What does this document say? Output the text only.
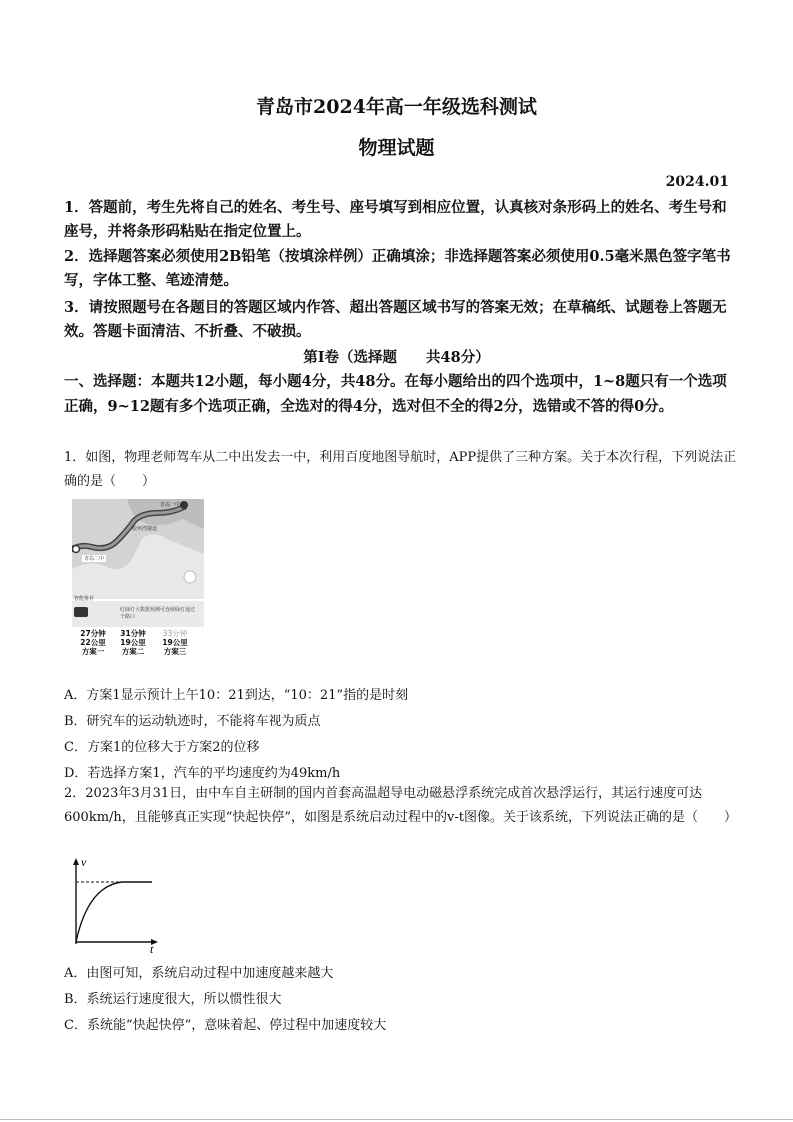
青岛市2024年高一年级选科测试
物理试题
2024.01
1．答题前，考生先将自己的姓名、考生号、座号填写到相应位置，认真核对条形码上的姓名、考生号和座号，并将条形码粘贴在指定位置上。
2．选择题答案必须使用2B铅笔（按填涂样例）正确填涂；非选择题答案必须使用0.5毫米黑色签字笔书写，字体工整、笔迹清楚。
3．请按照题号在各题目的答题区域内作答、超出答题区域书写的答案无效；在草稿纸、试题卷上答题无效。答题卡面清洁、不折叠、不破损。
第I卷（选择题　　共48分）
一、选择题：本题共12小题，每小题4分，共48分。在每小题给出的四个选项中，1~8题只有一个选项正确，9~12题有多个选项正确，全选对的得4分，选对但不全的得2分，选错或不答的得0分。
1．如图，物理老师驾车从二中出发去一中，利用百度地图导航时，APP提供了三种方案。关于本次行程，下列说法正确的是（　　）
青岛一中
胶州湾隧道
青岛二中
智能推荐
红绿灯大数据预测可连续绿灯通过
个路口
27分钟
22公里
方案一
31分钟
19公里
方案二
33分钟
19公里
方案三
A．方案1显示预计上午10：21到达，“10：21”指的是时刻
B．研究车的运动轨迹时，不能将车视为质点
C．方案1的位移大于方案2的位移
D．若选择方案1，汽车的平均速度约为49km/h
2．2023年3月31日，由中车自主研制的国内首套高温超导电动磁悬浮系统完成首次悬浮运行，其运行速度可达600km/h，且能够真正实现“快起快停”，如图是系统启动过程中的v-t图像。关于该系统，下列说法正确的是（　　）
v
t
A．由图可知，系统启动过程中加速度越来越大
B．系统运行速度很大，所以惯性很大
C．系统能“快起快停”，意味着起、停过程中加速度较大
